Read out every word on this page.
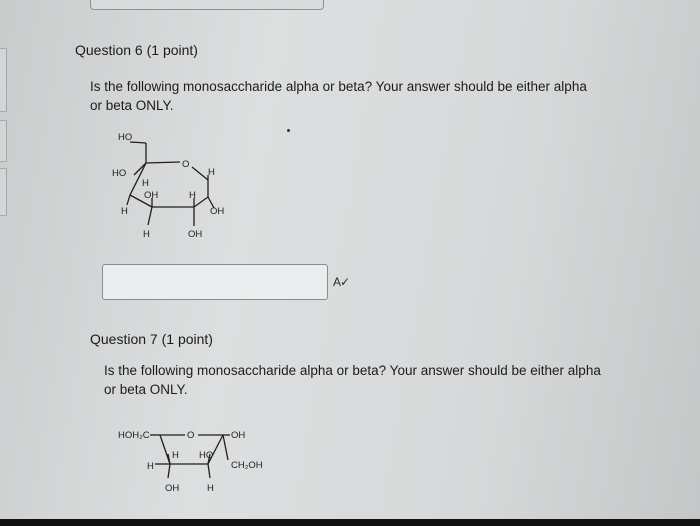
Question 6 (1 point)
Is the following monosaccharide alpha or beta? Your answer should be either alpha
or beta ONLY.
HO
HO
O
H
H
OH	H
H	OH
H	OH
A✓
Question 7 (1 point)
Is the following monosaccharide alpha or beta? Your answer should be either alpha
or beta ONLY.
HOH₂C	O	OH
H HO
H	CH₂OH
OH	H
